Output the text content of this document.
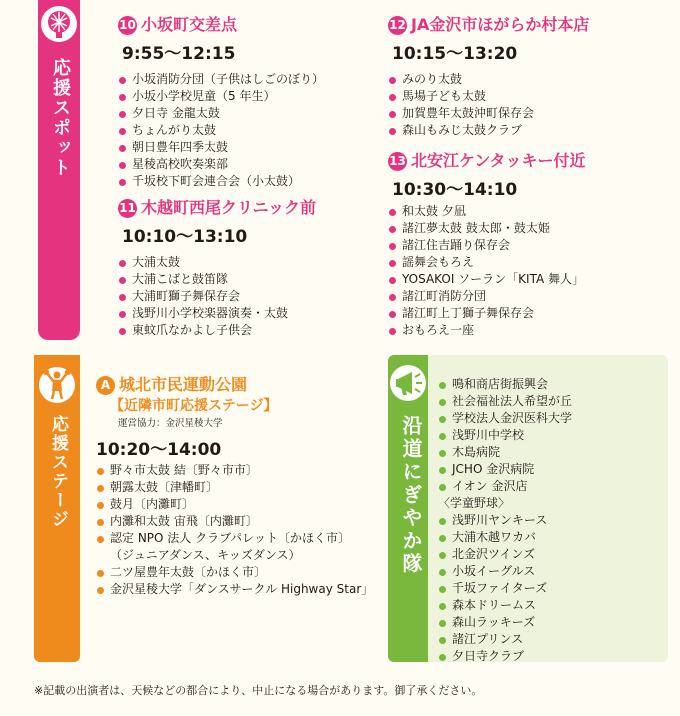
応援スポット
応援ステージ	沿道にぎやか隊
10 小坂町交差点
9:55〜12:15
小坂消防分団（子供はしごのぼり）
小坂小学校児童（5 年生）
夕日寺 金龍太鼓
ちょんがり太鼓
朝日豊年四季太鼓
星稜高校吹奏楽部
千坂校下町会連合会（小太鼓）
11 木越町西尾クリニック前
10:10〜13:10
大浦太鼓
大浦こばと鼓笛隊
大浦町獅子舞保存会
浅野川小学校楽器演奏・太鼓
東蚊爪なかよし子供会
12 JA金沢市ほがらか村本店
10:15〜13:20
みのり太鼓
馬場子ども太鼓
加賀豊年太鼓沖町保存会
森山もみじ太鼓クラブ
13 北安江ケンタッキー付近
10:30〜14:10
和太鼓 夕凪
諸江夢太鼓 鼓太郎・鼓太姫
諸江住吉踊り保存会
謡舞会もろえ
YOSAKOI ソーラン「KITA 舞人」
諸江町消防分団
諸江町上丁獅子舞保存会
おもろえ一座
A 城北市民運動公園
【近隣市町応援ステージ】
運営協力：金沢星稜大学
10:20〜14:00
野々市太鼓 結〔野々市市〕
朝露太鼓〔津幡町〕
鼓月〔内灘町〕
内灘和太鼓 宙飛〔内灘町〕
認定 NPO 法人 クラブパレット〔かほく市〕
（ジュニアダンス、キッズダンス）
二ツ屋豊年太鼓〔かほく市〕
金沢星稜大学「ダンスサークル Highway Star」
鳴和商店街振興会
社会福祉法人希望が丘
学校法人金沢医科大学
浅野川中学校
木島病院
JCHO 金沢病院
イオン 金沢店
〈学童野球〉
浅野川ヤンキース
大浦木越ワカバ
北金沢ツインズ
小坂イーグルス
千坂ファイターズ
森本ドリームス
森山ラッキーズ
諸江プリンス
夕日寺クラブ
※記載の出演者は、天候などの都合により、中止になる場合があります。御了承ください。
